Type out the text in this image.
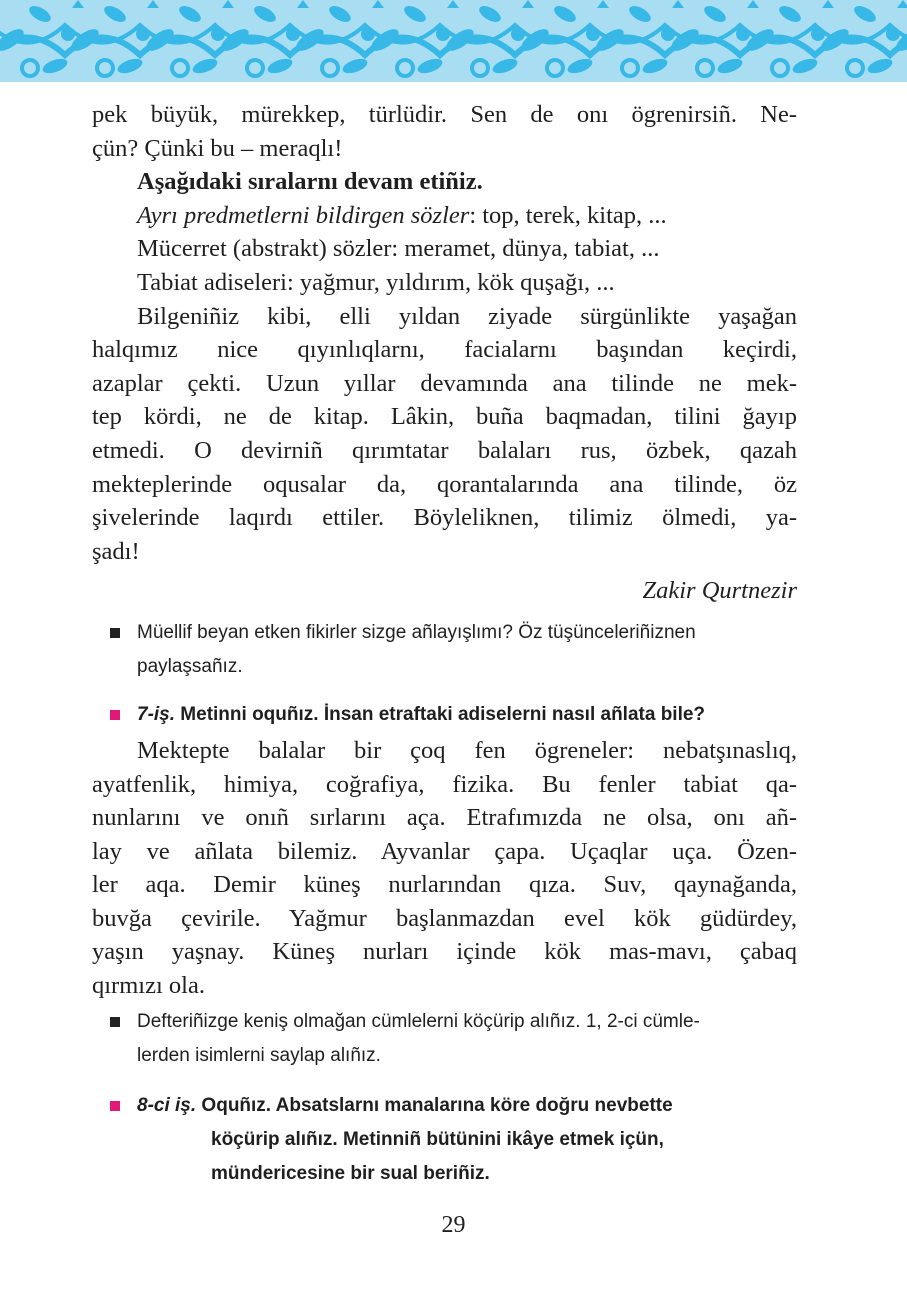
pek büyük, mürekkep, türlüdir. Sen de onı ögrenirsiñ. Ne-

çün? Çünki bu – meraqlı!

Aşağıdaki sıralarnı devam etiñiz.

Ayrı predmetlerni bildirgen sözler: top, terek, kitap, ...

Mücerret (abstrakt) sözler: meramet, dünya, tabiat, ...

Tabiat adiseleri: yağmur, yıldırım, kök quşağı, ...

Bilgeniñiz kibi, elli yıldan ziyade sürgünlikte yaşağan

halqımız nice qıyınlıqlarnı, facialarnı başından keçirdi,

azaplar çekti. Uzun yıllar devamında ana tilinde ne mek-

tep kördi, ne de kitap. Lâkin, buña baqmadan, tilini ğayıp

etmedi. O devirniñ qırımtatar balaları rus, özbek, qazah

mekteplerinde oqusalar da, qorantalarında ana tilinde, öz

şivelerinde laqırdı ettiler. Böyleliknen, tilimiz ölmedi, ya-

şadı!

Zakir Qurtnezir

Müellif beyan etken fikirler sizge añlayışlımı? Öz tüşünceleriñiznen
paylaşsañız.
7-iş. Metinni oquñız. İnsan etraftaki adiselerni nasıl añlata bile?

Mektepte balalar bir çoq fen ögreneler: nebatşınaslıq,

ayatfenlik, himiya, coğrafiya, fizika. Bu fenler tabiat qa-

nunlarını ve onıñ sırlarını aça. Etrafımızda ne olsa, onı añ-

lay ve añlata bilemiz. Ayvanlar çapa. Uçaqlar uça. Özen-

ler aqa. Demir küneş nurlarından qıza. Suv, qaynağanda,

buvğa çevirile. Yağmur başlanmazdan evel kök güdürdey,

yaşın yaşnay. Küneş nurları içinde kök mas-mavı, çabaq

qırmızı ola.

Defteriñizge keniş olmağan cümlelerni köçürip alıñız. 1, 2-ci cümle-
lerden isimlerni saylap alıñız.
8-ci iş. Oquñız. Absatslarnı manalarına köre doğru nevbette
köçürip alıñız. Metinniñ bütünini ikâye etmek içün,
mündericesine bir sual beriñiz.
29
